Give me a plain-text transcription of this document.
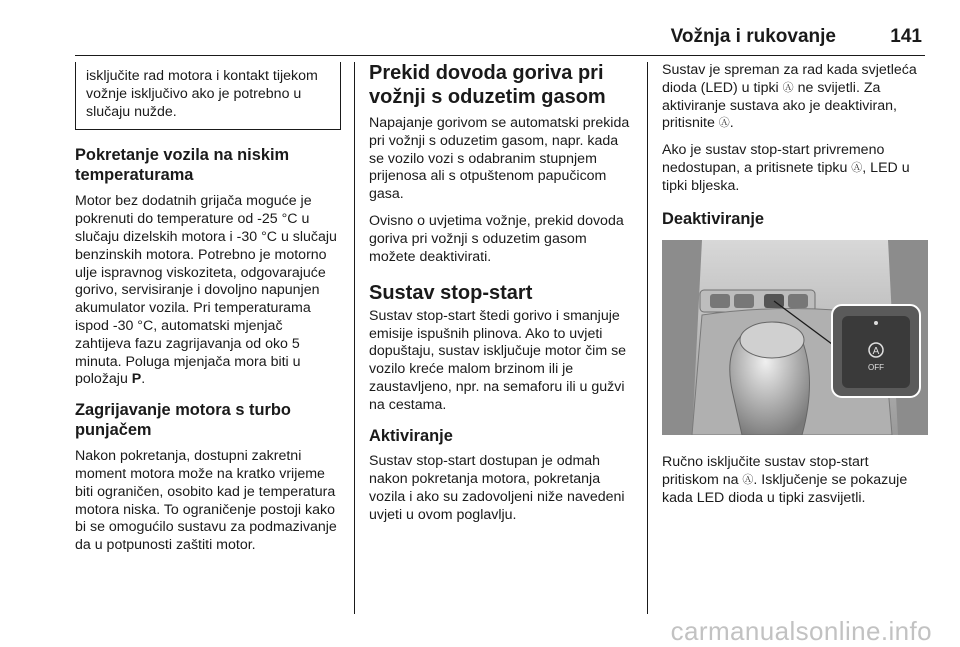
Vožnja i rukovanje	141

isključite rad motora i kontakt tijekom vožnje isključivo ako je potrebno u slučaju nužde.

Pokretanje vozila na niskim temperaturama

Motor bez dodatnih grijača moguće je pokrenuti do temperature od -25 °C u slučaju dizelskih motora i -30 °C u slučaju benzinskih motora. Potrebno je motorno ulje ispravnog viskoziteta, odgovarajuće gorivo, servisiranje i dovoljno napunjen akumulator vozila. Pri temperaturama ispod -30 °C, automatski mjenjač zahtijeva fazu zagrijavanja od oko 5 minuta. Poluga mjenjača mora biti u položaju P.

Zagrijavanje motora s turbo punjačem

Nakon pokretanja, dostupni zakretni moment motora može na kratko vrijeme biti ograničen, osobito kad je temperatura motora niska. To ograničenje postoji kako bi se omogućilo sustavu za podmazivanje da u potpunosti zaštiti motor.

Prekid dovoda goriva pri vožnji s oduzetim gasom

Napajanje gorivom se automatski prekida pri vožnji s oduzetim gasom, napr. kada se vozilo vozi s odabranim stupnjem prijenosa ali s otpuštenom papučicom gasa.

Ovisno o uvjetima vožnje, prekid dovoda goriva pri vožnji s oduzetim gasom možete deaktivirati.

Sustav stop-start

Sustav stop-start štedi gorivo i smanjuje emisije ispušnih plinova. Ako to uvjeti dopuštaju, sustav isključuje motor čim se vozilo kreće malom brzinom ili je zaustavljeno, npr. na semaforu ili u gužvi na cestama.

Aktiviranje

Sustav stop-start dostupan je odmah nakon pokretanja motora, pokretanja vozila i ako su zadovoljeni niže navedeni uvjeti u ovom poglavlju.

Sustav je spreman za rad kada svjetleća dioda (LED) u tipki Ⓐ ne svijetli. Za aktiviranje sustava ako je deaktiviran, pritisnite Ⓐ.

Ako je sustav stop-start privremeno nedostupan, a pritisnete tipku Ⓐ, LED u tipki bljeska.

Deaktiviranje
A
OFF

Ručno isključite sustav stop-start pritiskom na Ⓐ. Isključenje se pokazuje kada LED dioda u tipki zasvijetli.

carmanualsonline.info
